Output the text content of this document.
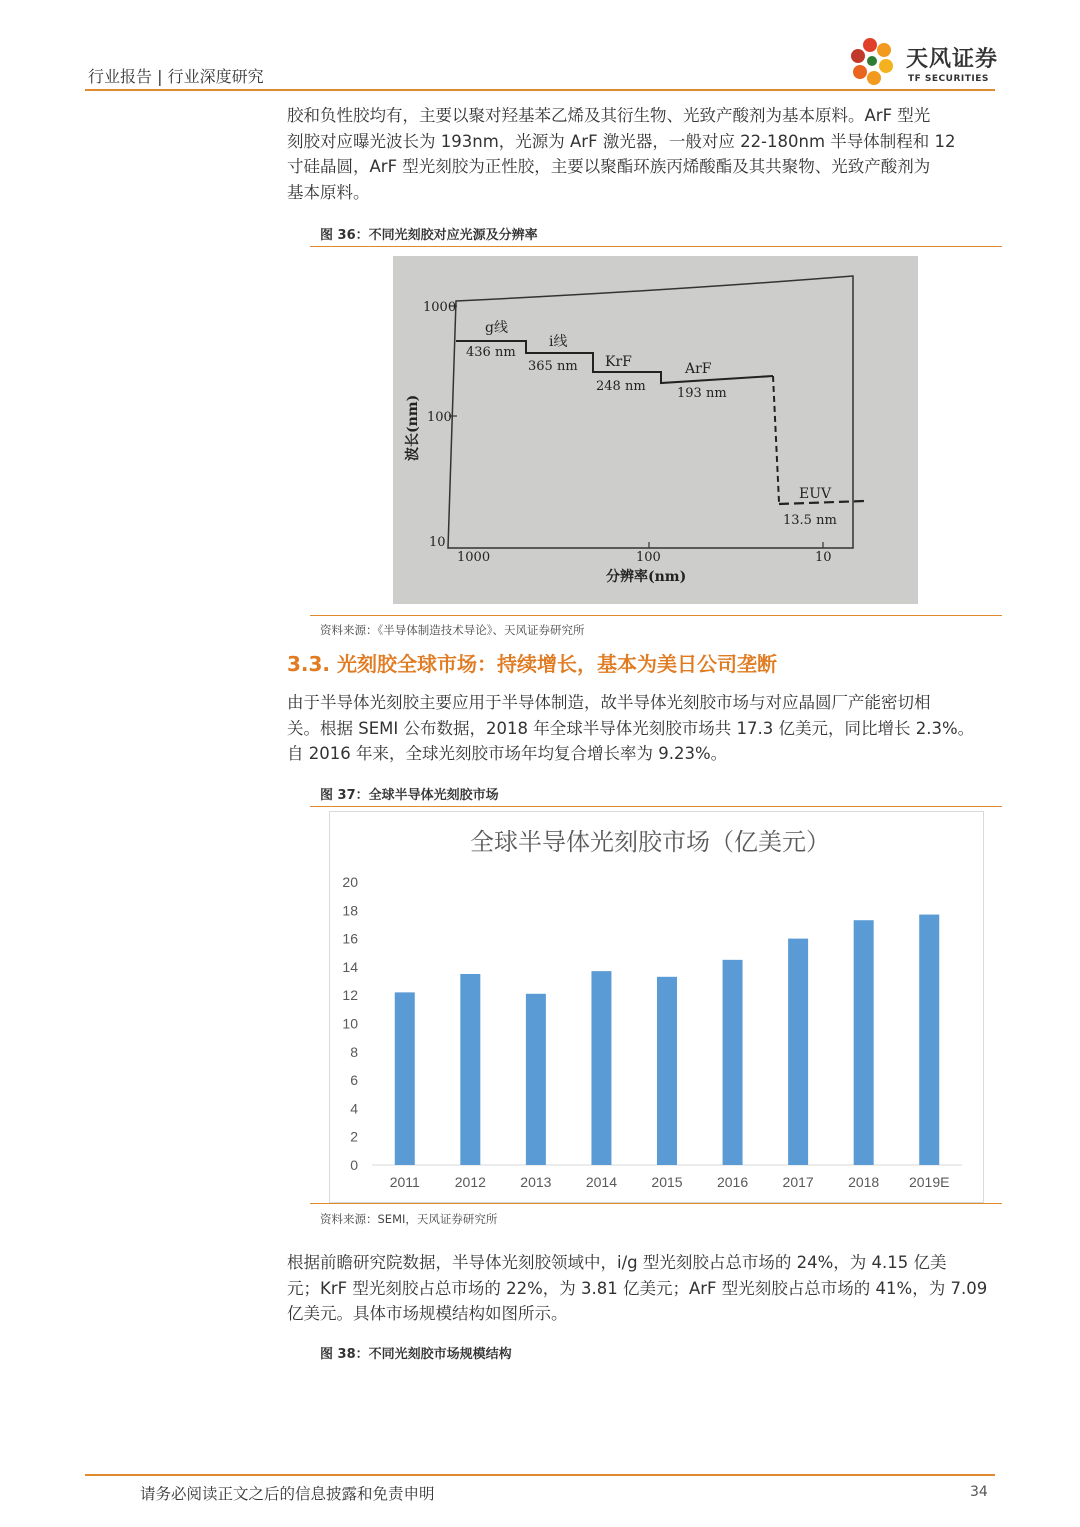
行业报告 | 行业深度研究
天风证券
TF SECURITIES
胶和负性胶均有，主要以聚对羟基苯乙烯及其衍生物、光致产酸剂为基本原料。ArF 型光
刻胶对应曝光波长为 193nm，光源为 ArF 激光器，一般对应 22-180nm 半导体制程和 12
寸硅晶圆，ArF 型光刻胶为正性胶，主要以聚酯环族丙烯酸酯及其共聚物、光致产酸剂为
基本原料。
图 36：不同光刻胶对应光源及分辨率
1000
100
10
1000	100	10
波长(nm)
分辨率(nm)
g线
436 nm
i线
365 nm KrF
248 nm
ArF
193 nm
EUV
13.5 nm
资料来源：《半导体制造技术导论》、天风证券研究所
3.3. 光刻胶全球市场：持续增长，基本为美日公司垄断
由于半导体光刻胶主要应用于半导体制造，故半导体光刻胶市场与对应晶圆厂产能密切相
关。根据 SEMI 公布数据，2018 年全球半导体光刻胶市场共 17.3 亿美元，同比增长 2.3%。
自 2016 年来，全球光刻胶市场年均复合增长率为 9.23%。
图 37：全球半导体光刻胶市场
全球半导体光刻胶市场（亿美元）
0
2
4
6
8
10
12
14
16
18
20
2011 2012 2013 2014 2015 2016 2017 2018 2019E
资料来源：SEMI，天风证券研究所
根据前瞻研究院数据，半导体光刻胶领域中，i/g 型光刻胶占总市场的 24%，为 4.15 亿美
元；KrF 型光刻胶占总市场的 22%，为 3.81 亿美元；ArF 型光刻胶占总市场的 41%，为 7.09
亿美元。具体市场规模结构如图所示。
图 38：不同光刻胶市场规模结构
请务必阅读正文之后的信息披露和免责申明	34
